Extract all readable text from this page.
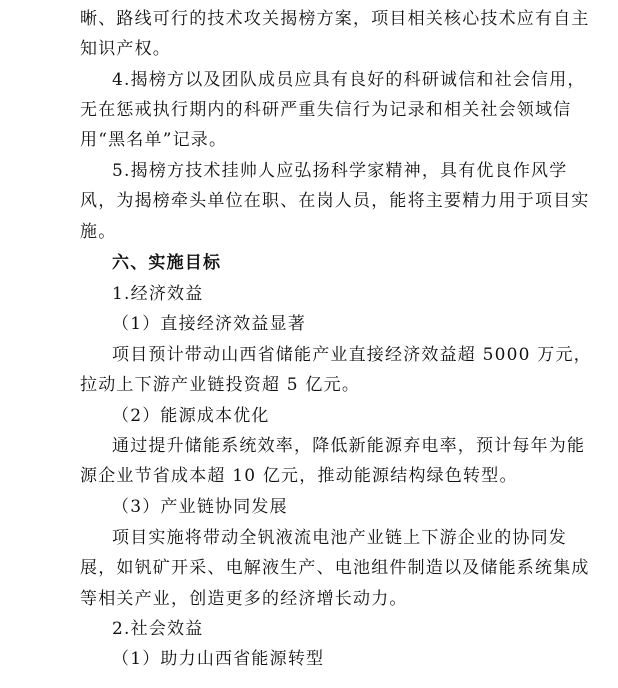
晰、路线可行的技术攻关揭榜方案，项目相关核心技术应有自主
知识产权。
4.揭榜方以及团队成员应具有良好的科研诚信和社会信用，
无在惩戒执行期内的科研严重失信行为记录和相关社会领域信
用“黑名单”记录。
5.揭榜方技术挂帅人应弘扬科学家精神，具有优良作风学
风，为揭榜牵头单位在职、在岗人员，能将主要精力用于项目实
施。
六、实施目标
1.经济效益
（1）直接经济效益显著
项目预计带动山西省储能产业直接经济效益超 5000 万元，
拉动上下游产业链投资超 5 亿元。
（2）能源成本优化
通过提升储能系统效率，降低新能源弃电率，预计每年为能
源企业节省成本超 10 亿元，推动能源结构绿色转型。
（3）产业链协同发展
项目实施将带动全钒液流电池产业链上下游企业的协同发
展，如钒矿开采、电解液生产、电池组件制造以及储能系统集成
等相关产业，创造更多的经济增长动力。
2.社会效益
（1）助力山西省能源转型
